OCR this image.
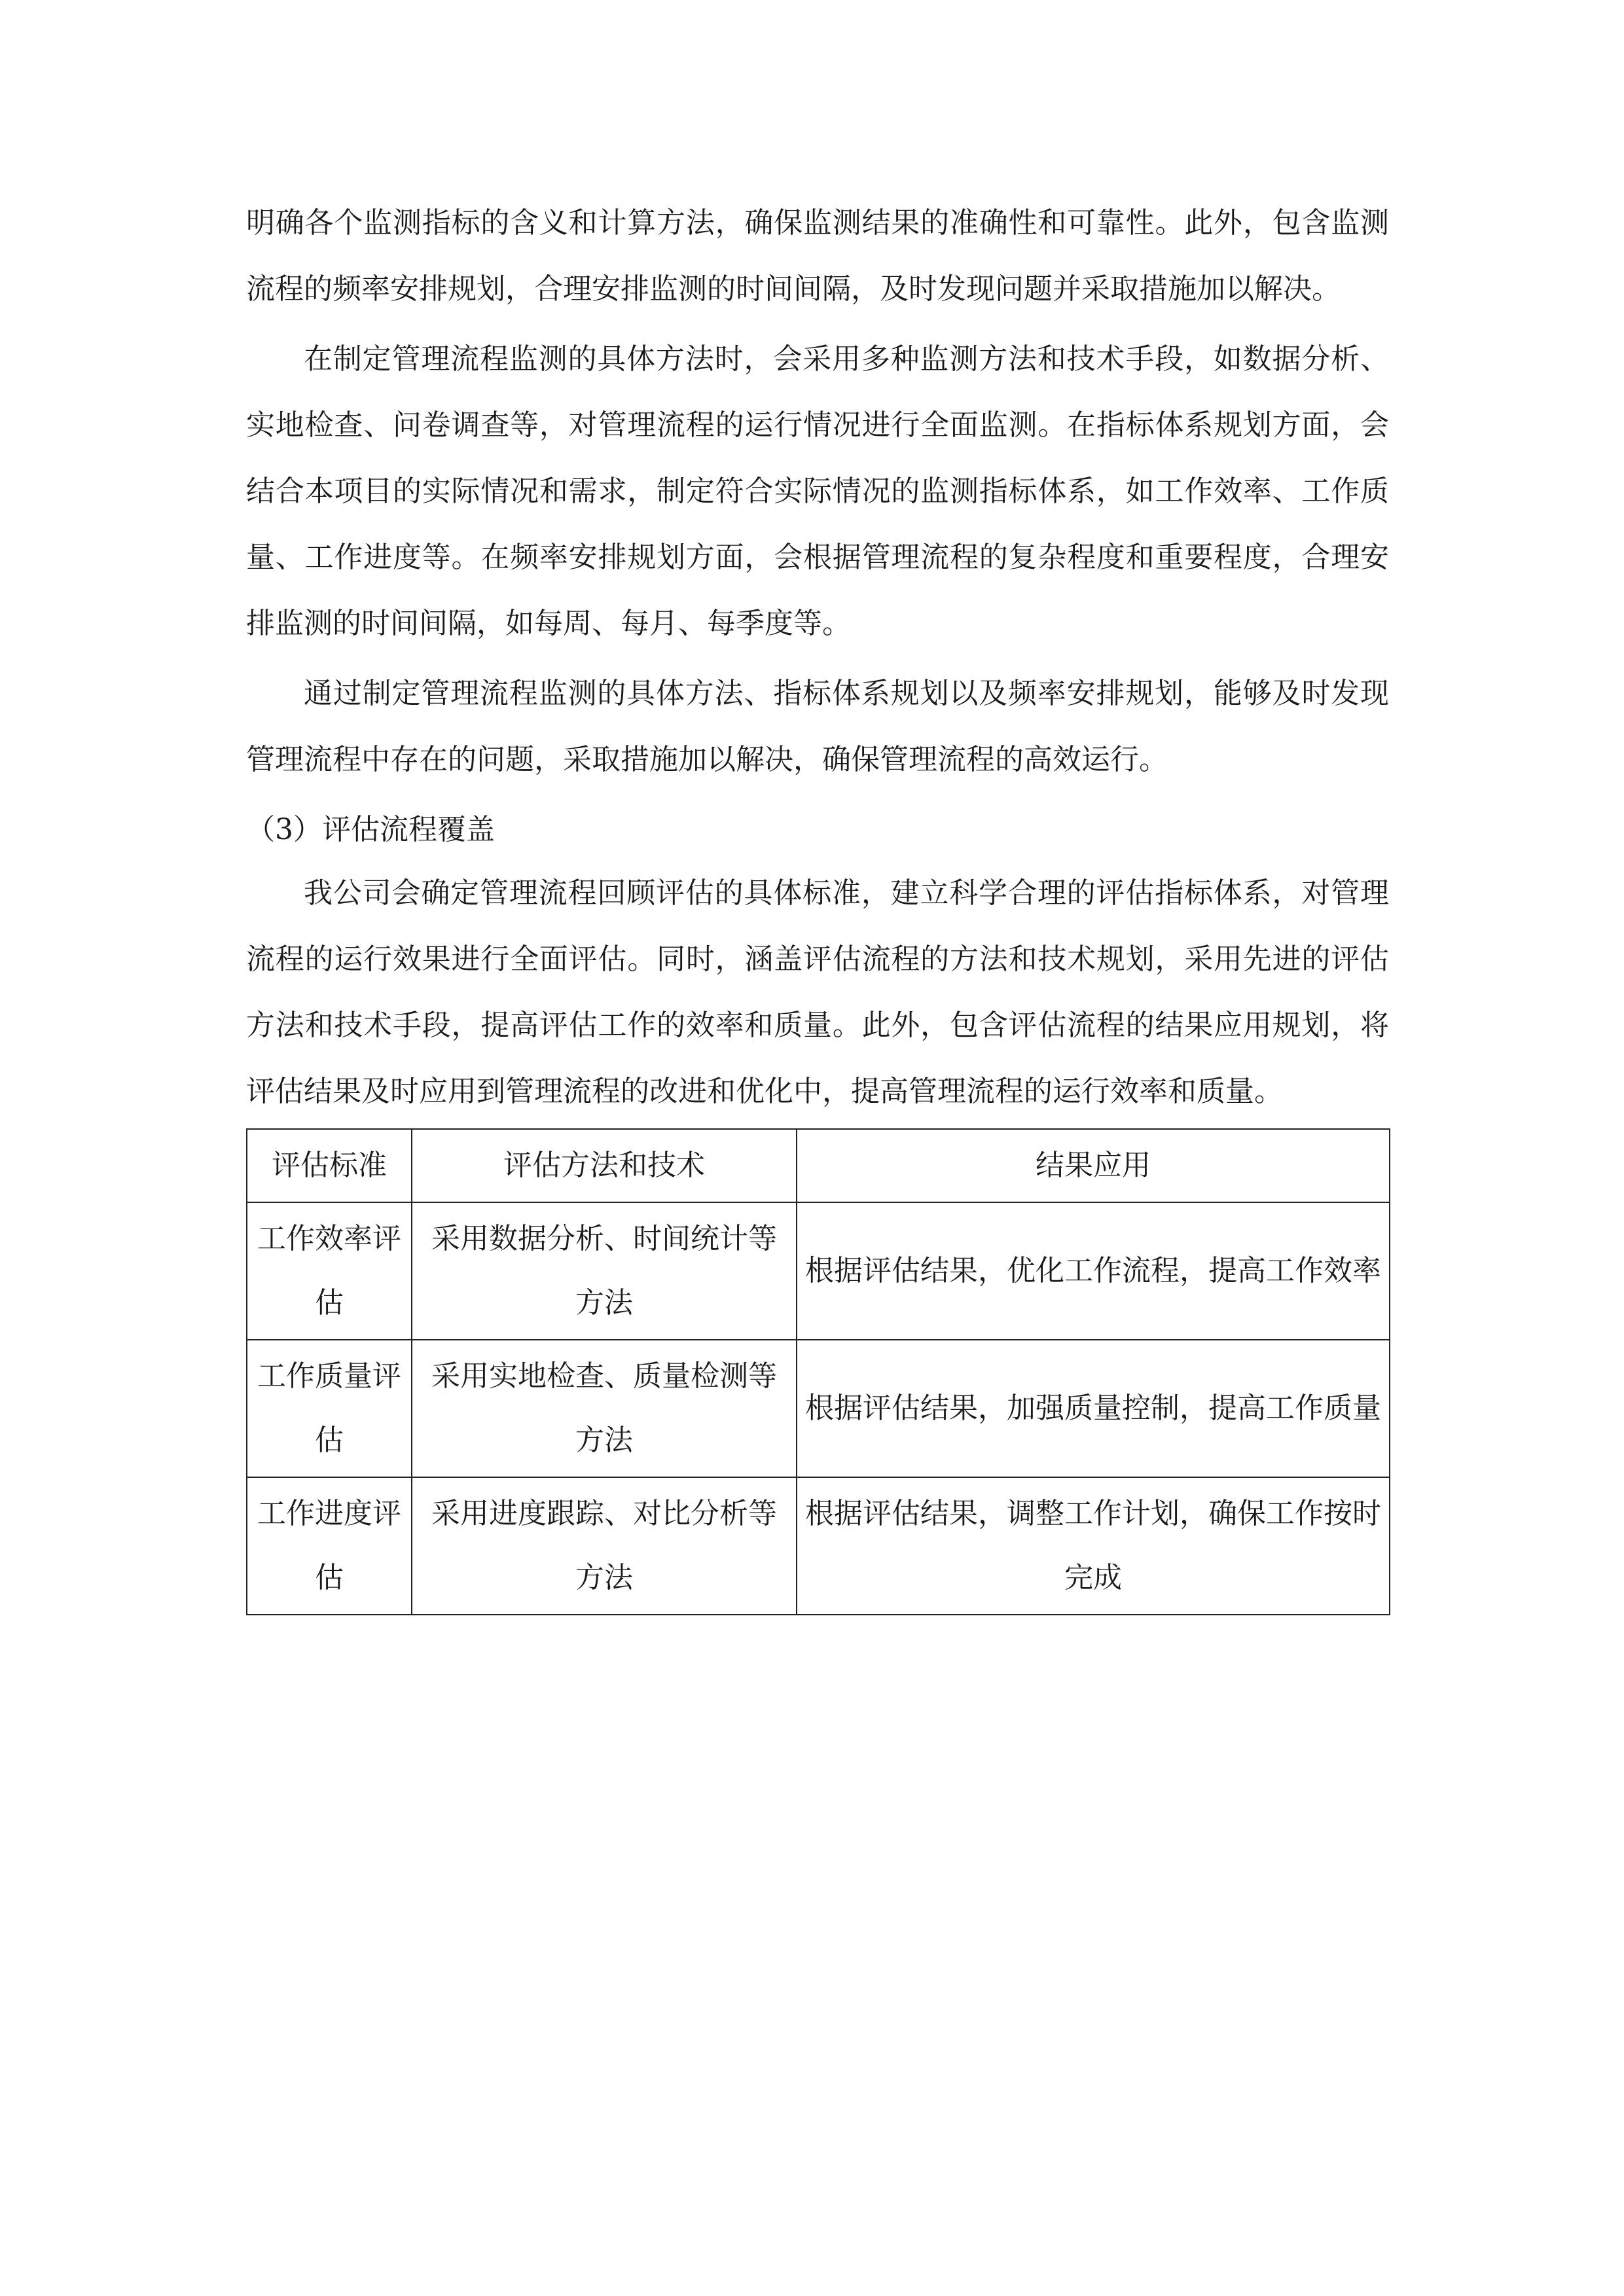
明确各个监测指标的含义和计算方法，确保监测结果的准确性和可靠性。此外，包含监测流程的频率安排规划，合理安排监测的时间间隔，及时发现问题并采取措施加以解决。

在制定管理流程监测的具体方法时，会采用多种监测方法和技术手段，如数据分析、实地检查、问卷调查等，对管理流程的运行情况进行全面监测。在指标体系规划方面，会结合本项目的实际情况和需求，制定符合实际情况的监测指标体系，如工作效率、工作质量、工作进度等。在频率安排规划方面，会根据管理流程的复杂程度和重要程度，合理安排监测的时间间隔，如每周、每月、每季度等。

通过制定管理流程监测的具体方法、指标体系规划以及频率安排规划，能够及时发现管理流程中存在的问题，采取措施加以解决，确保管理流程的高效运行。

（3）评估流程覆盖

我公司会确定管理流程回顾评估的具体标准，建立科学合理的评估指标体系，对管理流程的运行效果进行全面评估。同时，涵盖评估流程的方法和技术规划，采用先进的评估方法和技术手段，提高评估工作的效率和质量。此外，包含评估流程的结果应用规划，将评估结果及时应用到管理流程的改进和优化中，提高管理流程的运行效率和质量。

评估标准	评估方法和技术	结果应用
工作效率评估	采用数据分析、时间统计等方法	根据评估结果，优化工作流程，提高工作效率
工作质量评估	采用实地检查、质量检测等方法	根据评估结果，加强质量控制，提高工作质量
工作进度评估	采用进度跟踪、对比分析等方法	根据评估结果，调整工作计划，确保工作按时完成
